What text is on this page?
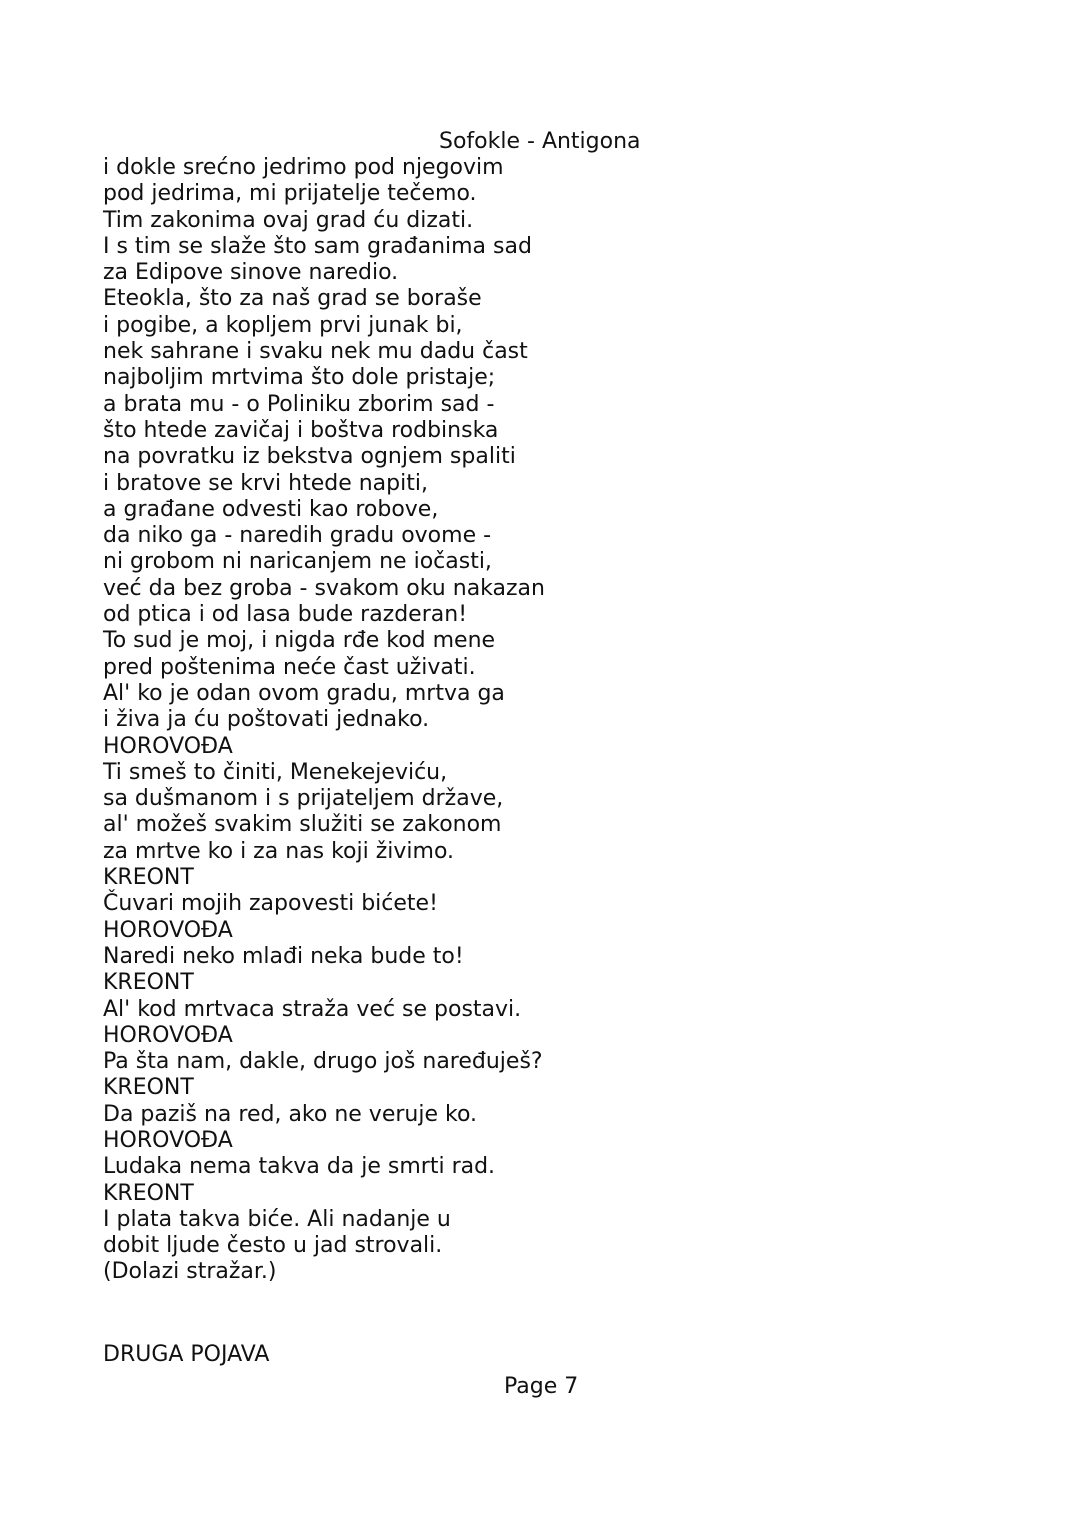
Sofokle - Antigona
i dokle srećno jedrimo pod njegovim
pod jedrima, mi prijatelje tečemo.
Tim zakonima ovaj grad ću dizati.
I s tim se slaže što sam građanima sad
za Edipove sinove naredio.
Eteokla, što za naš grad se boraše
i pogibe, a kopljem prvi junak bi,
nek sahrane i svaku nek mu dadu čast
najboljim mrtvima što dole pristaje;
a brata mu - o Poliniku zborim sad -
što htede zavičaj i boštva rodbinska
na povratku iz bekstva ognjem spaliti
i bratove se krvi htede napiti,
a građane odvesti kao robove,
da niko ga - naredih gradu ovome -
ni grobom ni naricanjem ne iočasti,
već da bez groba - svakom oku nakazan
od ptica i od lasa bude razderan!
To sud je moj, i nigda rđe kod mene
pred poštenima neće čast uživati.
Al' ko je odan ovom gradu, mrtva ga
i živa ja ću poštovati jednako.
HOROVOĐA
Ti smeš to činiti, Menekejeviću,
sa dušmanom i s prijateljem države,
al' možeš svakim služiti se zakonom
za mrtve ko i za nas koji živimo.
KREONT
Čuvari mojih zapovesti bićete!
HOROVOĐA
Naredi neko mlađi neka bude to!
KREONT
Al' kod mrtvaca straža već se postavi.
HOROVOĐA
Pa šta nam, dakle, drugo još naređuješ?
KREONT
Da paziš na red, ako ne veruje ko.
HOROVOĐA
Ludaka nema takva da je smrti rad.
KREONT
I plata takva biće. Ali nadanje u
dobit ljude često u jad strovali.
(Dolazi stražar.)
DRUGA POJAVA
Page 7
